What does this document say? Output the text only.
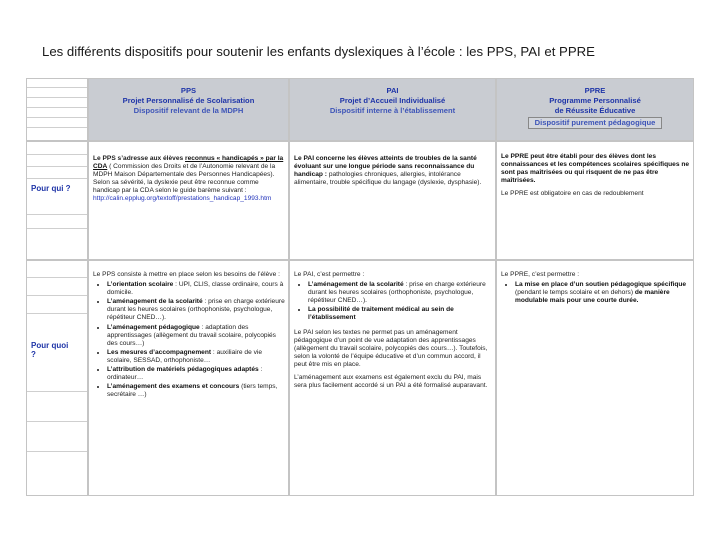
Les différents dispositifs pour soutenir les enfants dyslexiques à l’école : les PPS, PAI et PPRE
PPS
Projet Personnalisé de Scolarisation
Dispositif relevant de la MDPH
PAI
Projet d’Accueil Individualisé
Dispositif interne à l’établissement
PPRE
Programme Personnalisé
de Réussite Éducative
Dispositif purement pédagogique
Pour qui ?
Le PPS s’adresse aux élèves reconnus « handicapés » par la CDA ( Commission des Droits et de l’Autonomie relevant de la MDPH Maison Départementale des Personnes Handicapées). Selon sa sévérité, la dyslexie peut être reconnue comme handicap par la CDA selon le guide barème suivant :
http://calin.epplug.org/textoff/prestations_handicap_1993.htm
Le PAI concerne les élèves atteints de troubles de la santé évoluant sur une longue période sans reconnaissance du handicap : pathologies chroniques, allergies, intolérance alimentaire, trouble spécifique du langage (dyslexie, dysphasie).
Le PPRE peut être établi pour des élèves dont les connaissances et les compétences scolaires spécifiques ne sont pas maîtrisées ou qui risquent de ne pas être maîtrisées.
Le PPRE est obligatoire en cas de redoublement
Pour quoi ?
Le PPS consiste à mettre en place selon les besoins de l’élève :
• L’orientation scolaire : UPI, CLIS, classe ordinaire, cours à domicile.
• L’aménagement de la scolarité : prise en charge extérieure durant les heures scolaires (orthophoniste, psychologue, répétiteur CNED…).
• L’aménagement pédagogique : adaptation des apprentissages (allègement du travail scolaire, polycopiés des cours…)
• Les mesures d’accompagnement : auxiliaire de vie scolaire, SESSAD, orthophoniste…
• L’attribution de matériels pédagogiques adaptés : ordinateur…
• L’aménagement des examens et concours (tiers temps, secrétaire …)
Le PAI, c’est permettre :
• L’aménagement de la scolarité : prise en charge extérieure durant les heures scolaires (orthophoniste, psychologue, répétiteur CNED…).
• La possibilité de traitement médical au sein de l’établissement
Le PAI selon les textes ne permet pas un aménagement pédagogique d’un point de vue adaptation des apprentissages (allègement du travail scolaire, polycopiés des cours…). Toutefois, selon la volonté de l’équipe éducative et d’un commun accord, il peut être mis en place.
L’aménagement aux examens est également exclu du PAI, mais sera plus facilement accordé si un PAI a été formalisé auparavant.
Le PPRE, c’est permettre :
• La mise en place d’un soutien pédagogique spécifique (pendant le temps scolaire et en dehors) de manière modulable mais pour une courte durée.
